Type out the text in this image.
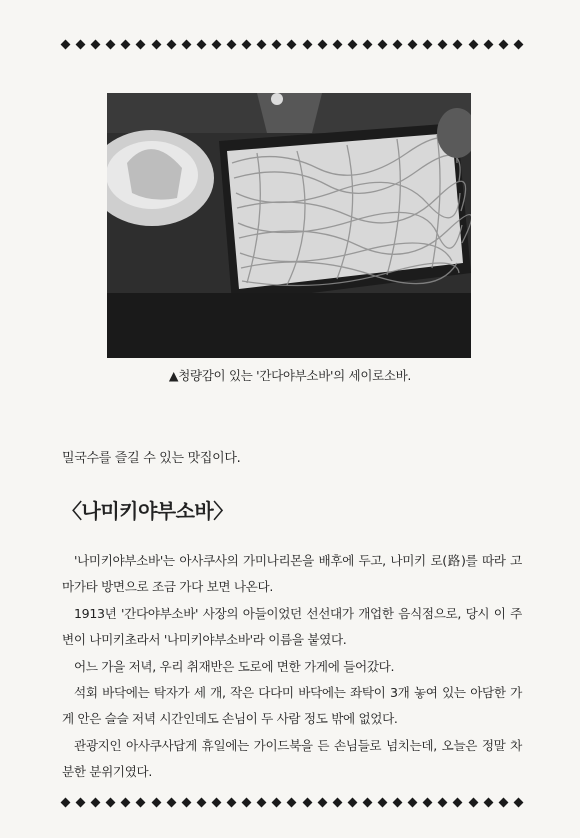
▲청량감이 있는 '간다야부소바'의 세이로소바.
밀국수를 즐길 수 있는 맛집이다.
〈나미키야부소바〉

'나미키야부소바'는 아사쿠사의 가미나리몬을 배후에 두고, 나미키 로(路)를 따라 고마가타 방면으로 조금 가다 보면 나온다.

1913년 '간다야부소바' 사장의 아들이었던 선선대가 개업한 음식점으로, 당시 이 주변이 나미키초라서 '나미키야부소바'라 이름을 붙였다.

어느 가을 저녁, 우리 취재반은 도로에 면한 가게에 들어갔다.

석회 바닥에는 탁자가 세 개, 작은 다다미 바닥에는 좌탁이 3개 놓여 있는 아담한 가게 안은 슬슬 저녁 시간인데도 손님이 두 사람 정도 밖에 없었다.

관광지인 아사쿠사답게 휴일에는 가이드북을 든 손님들로 넘치는데, 오늘은 정말 차분한 분위기였다.
